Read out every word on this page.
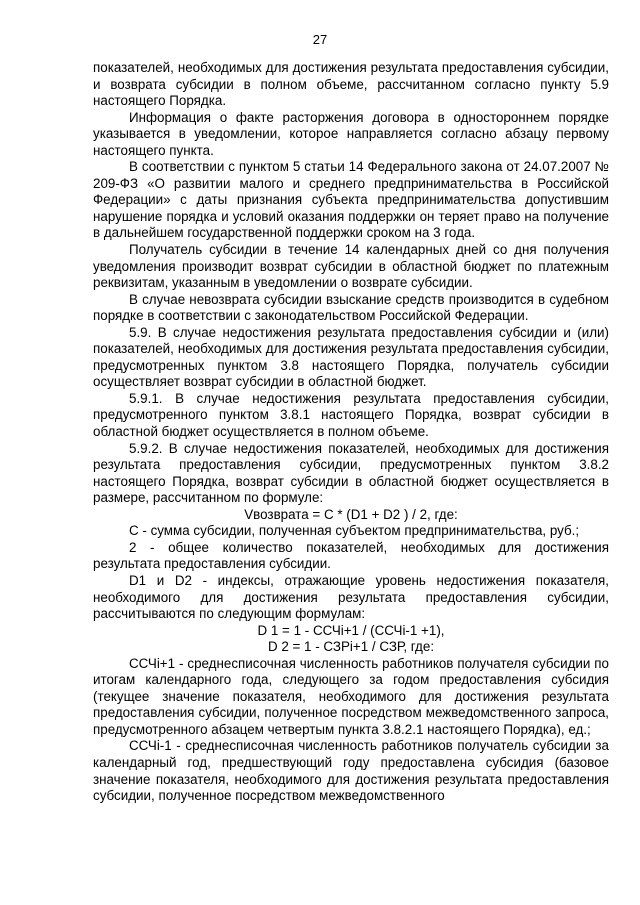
27

показателей, необходимых для достижения результата предоставления субсидии, и возврата субсидии в полном объеме, рассчитанном согласно пункту 5.9 настоящего Порядка.

Информация о факте расторжения договора в одностороннем порядке указывается в уведомлении, которое направляется согласно абзацу первому настоящего пункта.

В соответствии с пунктом 5 статьи 14 Федерального закона от 24.07.2007 № 209-ФЗ «О развитии малого и среднего предпринимательства в Российской Федерации» с даты признания субъекта предпринимательства допустившим нарушение порядка и условий оказания поддержки он теряет право на получение в дальнейшем государственной поддержки сроком на 3 года.

Получатель субсидии в течение 14 календарных дней со дня получения уведомления производит возврат субсидии в областной бюджет по платежным реквизитам, указанным в уведомлении о возврате субсидии.

В случае невозврата субсидии взыскание средств производится в судебном порядке в соответствии с законодательством Российской Федерации.

5.9. В случае недостижения результата предоставления субсидии и (или) показателей, необходимых для достижения результата предоставления субсидии, предусмотренных пунктом 3.8 настоящего Порядка, получатель субсидии осуществляет возврат субсидии в областной бюджет.

5.9.1. В случае недостижения результата предоставления субсидии, предусмотренного пунктом 3.8.1 настоящего Порядка, возврат субсидии в областной бюджет осуществляется в полном объеме.

5.9.2. В случае недостижения показателей, необходимых для достижения результата предоставления субсидии, предусмотренных пунктом 3.8.2 настоящего Порядка, возврат субсидии в областной бюджет осуществляется в размере, рассчитанном по формуле:

Vвозврата = С * (D1 + D2 ) / 2, где:

С - сумма субсидии, полученная субъектом предпринимательства, руб.;

2 - общее количество показателей, необходимых для достижения результата предоставления субсидии.

D1 и D2 - индексы, отражающие уровень недостижения показателя, необходимого для достижения результата предоставления субсидии, рассчитываются по следующим формулам:

D 1 = 1 - ССЧi+1 / (ССЧi-1 +1),

D 2 = 1 - СЗРi+1 / СЗР, где:

ССЧi+1 - среднесписочная численность работников получателя субсидии по итогам календарного года, следующего за годом предоставления субсидия (текущее значение показателя, необходимого для достижения результата предоставления субсидии, полученное посредством межведомственного запроса, предусмотренного абзацем четвертым пункта 3.8.2.1 настоящего Порядка), ед.;

ССЧi-1 - среднесписочная численность работников получатель субсидии за календарный год, предшествующий году предоставлена субсидия (базовое значение показателя, необходимого для достижения результата предоставления субсидии, полученное посредством межведомственного
